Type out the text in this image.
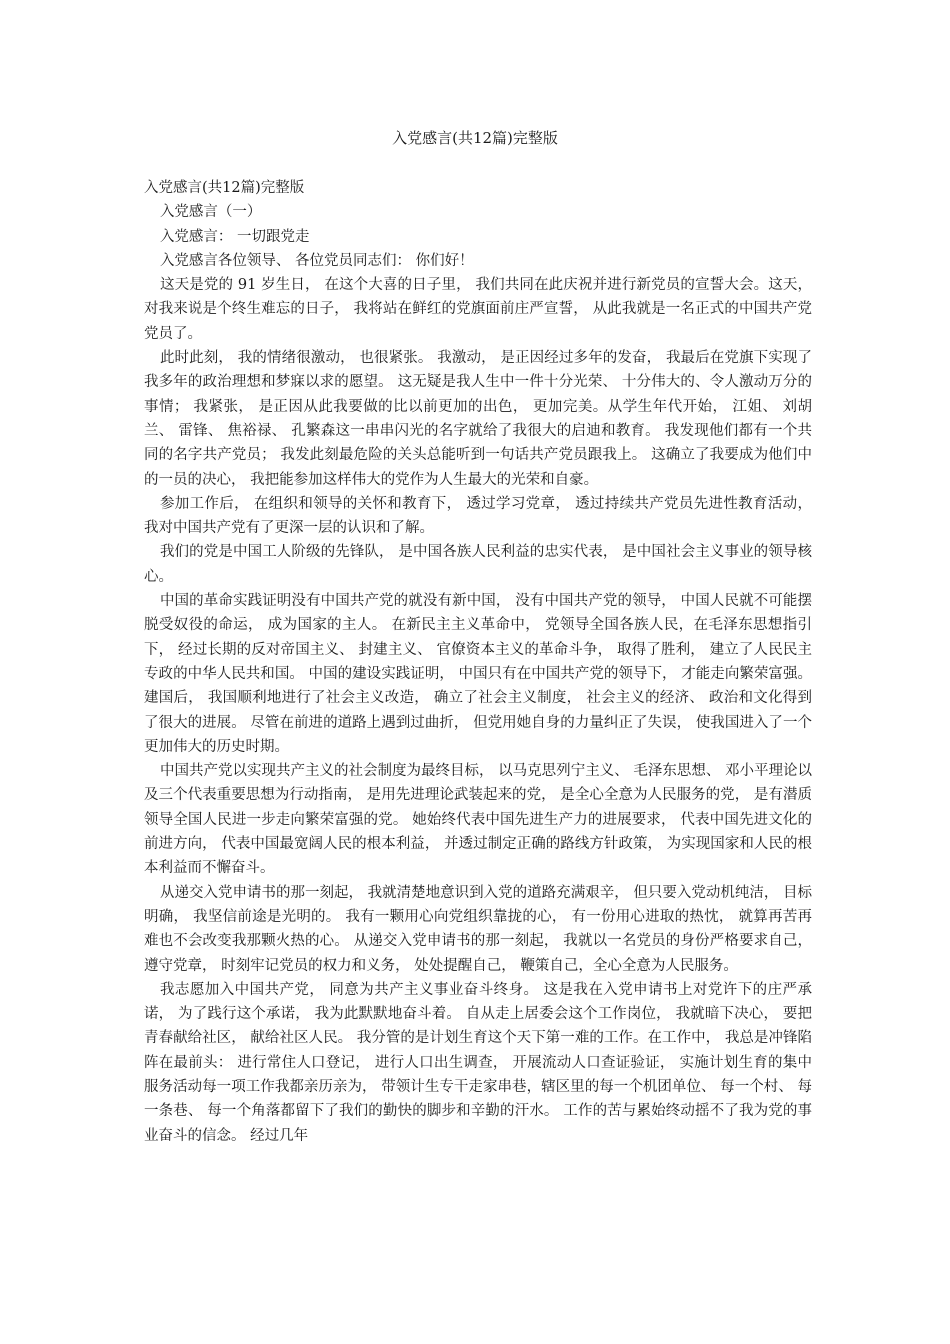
入党感言(共12篇)完整版

入党感言(共12篇)完整版

入党感言（一）

入党感言： 一切跟党走

入党感言各位领导、 各位党员同志们： 你们好！

这天是党的 91 岁生日， 在这个大喜的日子里， 我们共同在此庆祝并进行新党员的宣誓大会。这天， 对我来说是个终生难忘的日子， 我将站在鲜红的党旗面前庄严宣誓， 从此我就是一名正式的中国共产党党员了。

此时此刻， 我的情绪很激动， 也很紧张。 我激动， 是正因经过多年的发奋， 我最后在党旗下实现了我多年的政治理想和梦寐以求的愿望。 这无疑是我人生中一件十分光荣、 十分伟大的、令人激动万分的事情； 我紧张， 是正因从此我要做的比以前更加的出色， 更加完美。从学生年代开始， 江姐、 刘胡兰、 雷锋、 焦裕禄、 孔繁森这一串串闪光的名字就给了我很大的启迪和教育。 我发现他们都有一个共同的名字共产党员； 我发此刻最危险的关头总能听到一句话共产党员跟我上。 这确立了我要成为他们中的一员的决心， 我把能参加这样伟大的党作为人生最大的光荣和自豪。

参加工作后， 在组织和领导的关怀和教育下， 透过学习党章， 透过持续共产党员先进性教育活动， 我对中国共产党有了更深一层的认识和了解。

我们的党是中国工人阶级的先锋队， 是中国各族人民利益的忠实代表， 是中国社会主义事业的领导核心。

中国的革命实践证明没有中国共产党的就没有新中国， 没有中国共产党的领导， 中国人民就不可能摆脱受奴役的命运， 成为国家的主人。 在新民主主义革命中， 党领导全国各族人民，在毛泽东思想指引下， 经过长期的反对帝国主义、 封建主义、 官僚资本主义的革命斗争， 取得了胜利， 建立了人民民主专政的中华人民共和国。 中国的建设实践证明， 中国只有在中国共产党的领导下， 才能走向繁荣富强。 建国后， 我国顺利地进行了社会主义改造， 确立了社会主义制度， 社会主义的经济、 政治和文化得到了很大的进展。 尽管在前进的道路上遇到过曲折， 但党用她自身的力量纠正了失误， 使我国进入了一个更加伟大的历史时期。

中国共产党以实现共产主义的社会制度为最终目标， 以马克思列宁主义、 毛泽东思想、 邓小平理论以及三个代表重要思想为行动指南， 是用先进理论武装起来的党， 是全心全意为人民服务的党， 是有潜质领导全国人民进一步走向繁荣富强的党。 她始终代表中国先进生产力的进展要求， 代表中国先进文化的前进方向， 代表中国最宽阔人民的根本利益， 并透过制定正确的路线方针政策， 为实现国家和人民的根本利益而不懈奋斗。

从递交入党申请书的那一刻起， 我就清楚地意识到入党的道路充满艰辛， 但只要入党动机纯洁， 目标明确， 我坚信前途是光明的。 我有一颗用心向党组织靠拢的心， 有一份用心进取的热忱， 就算再苦再难也不会改变我那颗火热的心。 从递交入党申请书的那一刻起， 我就以一名党员的身份严格要求自己， 遵守党章， 时刻牢记党员的权力和义务， 处处提醒自己， 鞭策自己，全心全意为人民服务。

我志愿加入中国共产党， 同意为共产主义事业奋斗终身。 这是我在入党申请书上对党许下的庄严承诺， 为了践行这个承诺， 我为此默默地奋斗着。 自从走上居委会这个工作岗位， 我就暗下决心， 要把青春献给社区， 献给社区人民。 我分管的是计划生育这个天下第一难的工作。在工作中， 我总是冲锋陷阵在最前头： 进行常住人口登记， 进行人口出生调查， 开展流动人口查证验证， 实施计划生育的集中服务活动每一项工作我都亲历亲为， 带领计生专干走家串巷，辖区里的每一个机团单位、 每一个村、 每一条巷、 每一个角落都留下了我们的勤快的脚步和辛勤的汗水。 工作的苦与累始终动摇不了我为党的事业奋斗的信念。 经过几年
